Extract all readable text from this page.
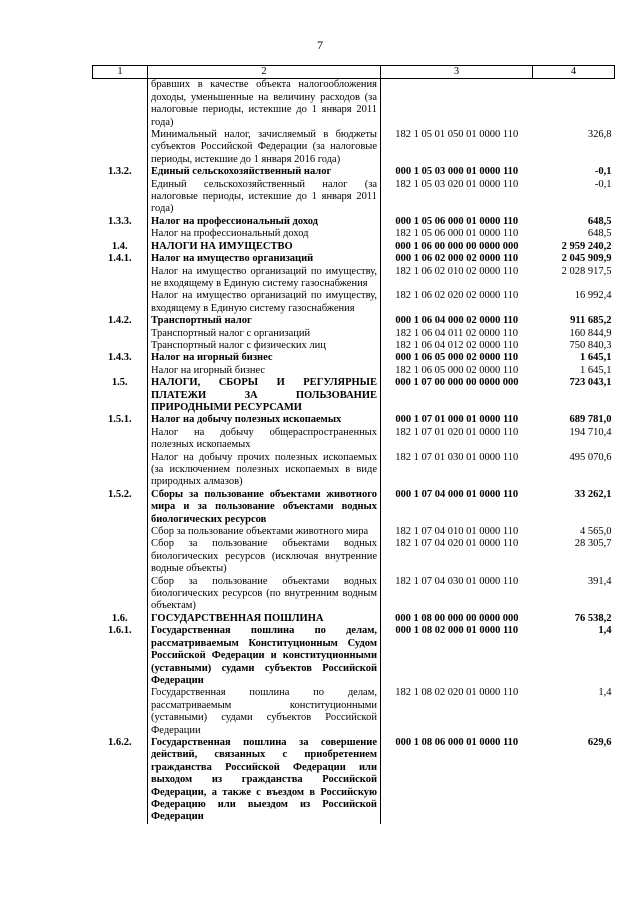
7
1	2	3	4
	бравших в качестве объекта налогообложения доходы, уменьшенные на величину расходов (за налоговые периоды, истекшие до 1 января 2011 года)		
	Минимальный налог, зачисляемый в бюджеты субъектов Российской Федерации (за налоговые периоды, истекшие до 1 января 2016 года)	182 1 05 01 050 01 0000 110	326,8
1.3.2.	Единый сельскохозяйственный налог	000 1 05 03 000 01 0000 110	-0,1
	Единый сельскохозяйственный налог (за налоговые периоды, истекшие до 1 января 2011 года)	182 1 05 03 020 01 0000 110	-0,1
1.3.3.	Налог на профессиональный доход	000 1 05 06 000 01 0000 110	648,5
	Налог на профессиональный доход	182 1 05 06 000 01 0000 110	648,5
1.4.	НАЛОГИ НА ИМУЩЕСТВО	000 1 06 00 000 00 0000 000	2 959 240,2
1.4.1.	Налог на имущество организаций	000 1 06 02 000 02 0000 110	2 045 909,9
	Налог на имущество организаций по имуществу, не входящему в Единую систему газоснабжения	182 1 06 02 010 02 0000 110	2 028 917,5
	Налог на имущество организаций по имуществу, входящему в Единую систему газоснабжения	182 1 06 02 020 02 0000 110	16 992,4
1.4.2.	Транспортный налог	000 1 06 04 000 02 0000 110	911 685,2
	Транспортный налог с организаций	182 1 06 04 011 02 0000 110	160 844,9
	Транспортный налог с физических лиц	182 1 06 04 012 02 0000 110	750 840,3
1.4.3.	Налог на игорный бизнес	000 1 06 05 000 02 0000 110	1 645,1
	Налог на игорный бизнес	182 1 06 05 000 02 0000 110	1 645,1
1.5.	НАЛОГИ, СБОРЫ И РЕГУЛЯРНЫЕ ПЛАТЕЖИ ЗА ПОЛЬЗОВАНИЕ ПРИРОДНЫМИ РЕСУРСАМИ	000 1 07 00 000 00 0000 000	723 043,1
1.5.1.	Налог на добычу полезных ископаемых	000 1 07 01 000 01 0000 110	689 781,0
	Налог на добычу общераспространенных полезных ископаемых	182 1 07 01 020 01 0000 110	194 710,4
	Налог на добычу прочих полезных ископаемых (за исключением полезных ископаемых в виде природных алмазов)	182 1 07 01 030 01 0000 110	495 070,6
1.5.2.	Сборы за пользование объектами животного мира и за пользование объектами водных биологических ресурсов	000 1 07 04 000 01 0000 110	33 262,1
	Сбор за пользование объектами животного мира	182 1 07 04 010 01 0000 110	4 565,0
	Сбор за пользование объектами водных биологических ресурсов (исключая внутренние водные объекты)	182 1 07 04 020 01 0000 110	28 305,7
	Сбор за пользование объектами водных биологических ресурсов (по внутренним водным объектам)	182 1 07 04 030 01 0000 110	391,4
1.6.	ГОСУДАРСТВЕННАЯ ПОШЛИНА	000 1 08 00 000 00 0000 000	76 538,2
1.6.1.	Государственная пошлина по делам, рассматриваемым Конституционным Судом Российской Федерации и конституционными (уставными) судами субъектов Российской Федерации	000 1 08 02 000 01 0000 110	1,4
	Государственная пошлина по делам, рассматриваемым конституционными (уставными) судами субъектов Российской Федерации	182 1 08 02 020 01 0000 110	1,4
1.6.2.	Государственная пошлина за совершение действий, связанных с приобретением гражданства Российской Федерации или выходом из гражданства Российской Федерации, а также с въездом в Российскую Федерацию или выездом из Российской Федерации	000 1 08 06 000 01 0000 110	629,6
